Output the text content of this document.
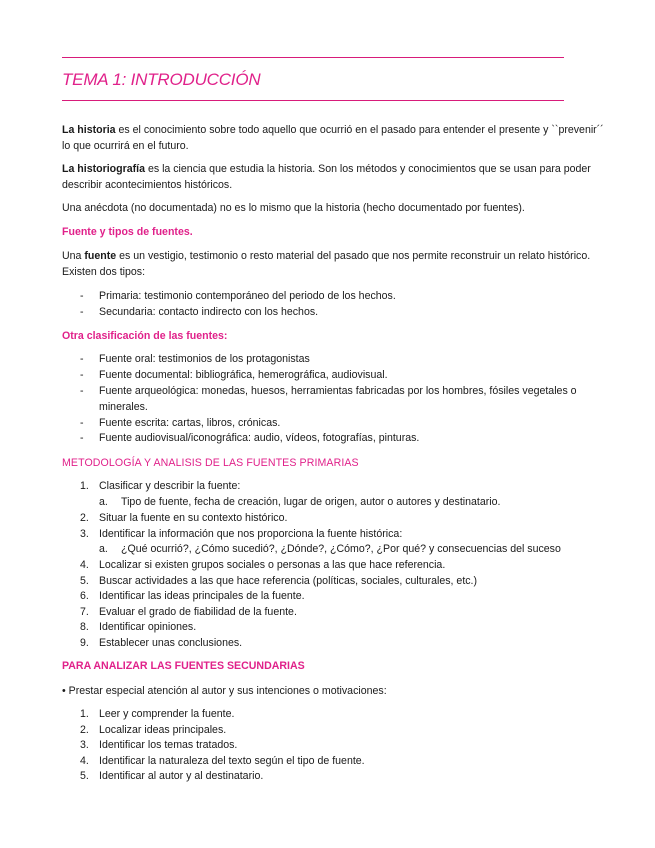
TEMA 1: INTRODUCCIÓN
La historia es el conocimiento sobre todo aquello que ocurrió en el pasado para entender el presente y ``prevenir´´
lo que ocurrirá en el futuro.
La historiografía es la ciencia que estudia la historia. Son los métodos y conocimientos que se usan para poder
describir acontecimientos históricos.
Una anécdota (no documentada) no es lo mismo que la historia (hecho documentado por fuentes).
Fuente y tipos de fuentes.
Una fuente es un vestigio, testimonio o resto material del pasado que nos permite reconstruir un relato histórico.
Existen dos tipos:
- Primaria: testimonio contemporáneo del periodo de los hechos.
- Secundaria: contacto indirecto con los hechos.
Otra clasificación de las fuentes:
- Fuente oral: testimonios de los protagonistas
- Fuente documental: bibliográfica, hemerográfica, audiovisual.
- Fuente arqueológica: monedas, huesos, herramientas fabricadas por los hombres, fósiles vegetales o
minerales.
- Fuente escrita: cartas, libros, crónicas.
- Fuente audiovisual/iconográfica: audio, vídeos, fotografías, pinturas.
METODOLOGÍA Y ANALISIS DE LAS FUENTES PRIMARIAS
1. Clasificar y describir la fuente:
a. Tipo de fuente, fecha de creación, lugar de origen, autor o autores y destinatario.
2. Situar la fuente en su contexto histórico.
3. Identificar la información que nos proporciona la fuente histórica:
a. ¿Qué ocurrió?, ¿Cómo sucedió?, ¿Dónde?, ¿Cómo?, ¿Por qué? y consecuencias del suceso
4. Localizar si existen grupos sociales o personas a las que hace referencia.
5. Buscar actividades a las que hace referencia (políticas, sociales, culturales, etc.)
6. Identificar las ideas principales de la fuente.
7. Evaluar el grado de fiabilidad de la fuente.
8. Identificar opiniones.
9. Establecer unas conclusiones.
PARA ANALIZAR LAS FUENTES SECUNDARIAS
• Prestar especial atención al autor y sus intenciones o motivaciones:
1. Leer y comprender la fuente.
2. Localizar ideas principales.
3. Identificar los temas tratados.
4. Identificar la naturaleza del texto según el tipo de fuente.
5. Identificar al autor y al destinatario.
